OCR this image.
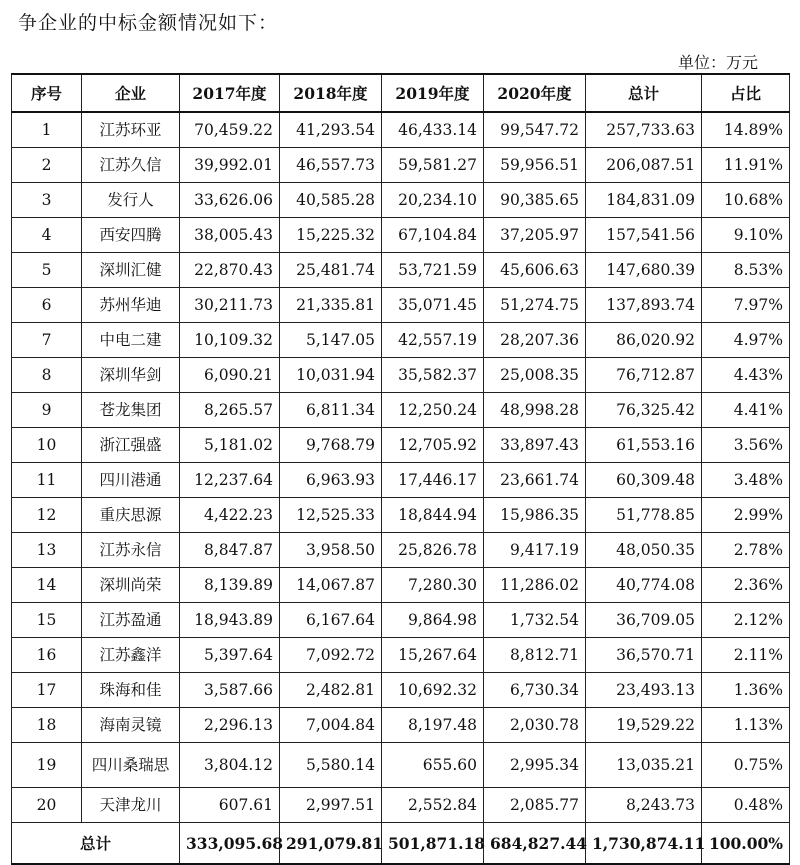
争企业的中标金额情况如下：
单位：万元
序号	企业	2017年度	2018年度	2019年度	2020年度	总计	占比
1	江苏环亚	70,459.22	41,293.54	46,433.14	99,547.72	257,733.63	14.89%
2	江苏久信	39,992.01	46,557.73	59,581.27	59,956.51	206,087.51	11.91%
3	发行人	33,626.06	40,585.28	20,234.10	90,385.65	184,831.09	10.68%
4	西安四腾	38,005.43	15,225.32	67,104.84	37,205.97	157,541.56	9.10%
5	深圳汇健	22,870.43	25,481.74	53,721.59	45,606.63	147,680.39	8.53%
6	苏州华迪	30,211.73	21,335.81	35,071.45	51,274.75	137,893.74	7.97%
7	中电二建	10,109.32	5,147.05	42,557.19	28,207.36	86,020.92	4.97%
8	深圳华剑	6,090.21	10,031.94	35,582.37	25,008.35	76,712.87	4.43%
9	苍龙集团	8,265.57	6,811.34	12,250.24	48,998.28	76,325.42	4.41%
10	浙江强盛	5,181.02	9,768.79	12,705.92	33,897.43	61,553.16	3.56%
11	四川港通	12,237.64	6,963.93	17,446.17	23,661.74	60,309.48	3.48%
12	重庆思源	4,422.23	12,525.33	18,844.94	15,986.35	51,778.85	2.99%
13	江苏永信	8,847.87	3,958.50	25,826.78	9,417.19	48,050.35	2.78%
14	深圳尚荣	8,139.89	14,067.87	7,280.30	11,286.02	40,774.08	2.36%
15	江苏盈通	18,943.89	6,167.64	9,864.98	1,732.54	36,709.05	2.12%
16	江苏鑫洋	5,397.64	7,092.72	15,267.64	8,812.71	36,570.71	2.11%
17	珠海和佳	3,587.66	2,482.81	10,692.32	6,730.34	23,493.13	1.36%
18	海南灵镜	2,296.13	7,004.84	8,197.48	2,030.78	19,529.22	1.13%
19	四川桑瑞思	3,804.12	5,580.14	655.60	2,995.34	13,035.21	0.75%
20	天津龙川	607.61	2,997.51	2,552.84	2,085.77	8,243.73	0.48%
总计		333,095.68	291,079.81	501,871.18	684,827.44	1,730,874.11	100.00%
